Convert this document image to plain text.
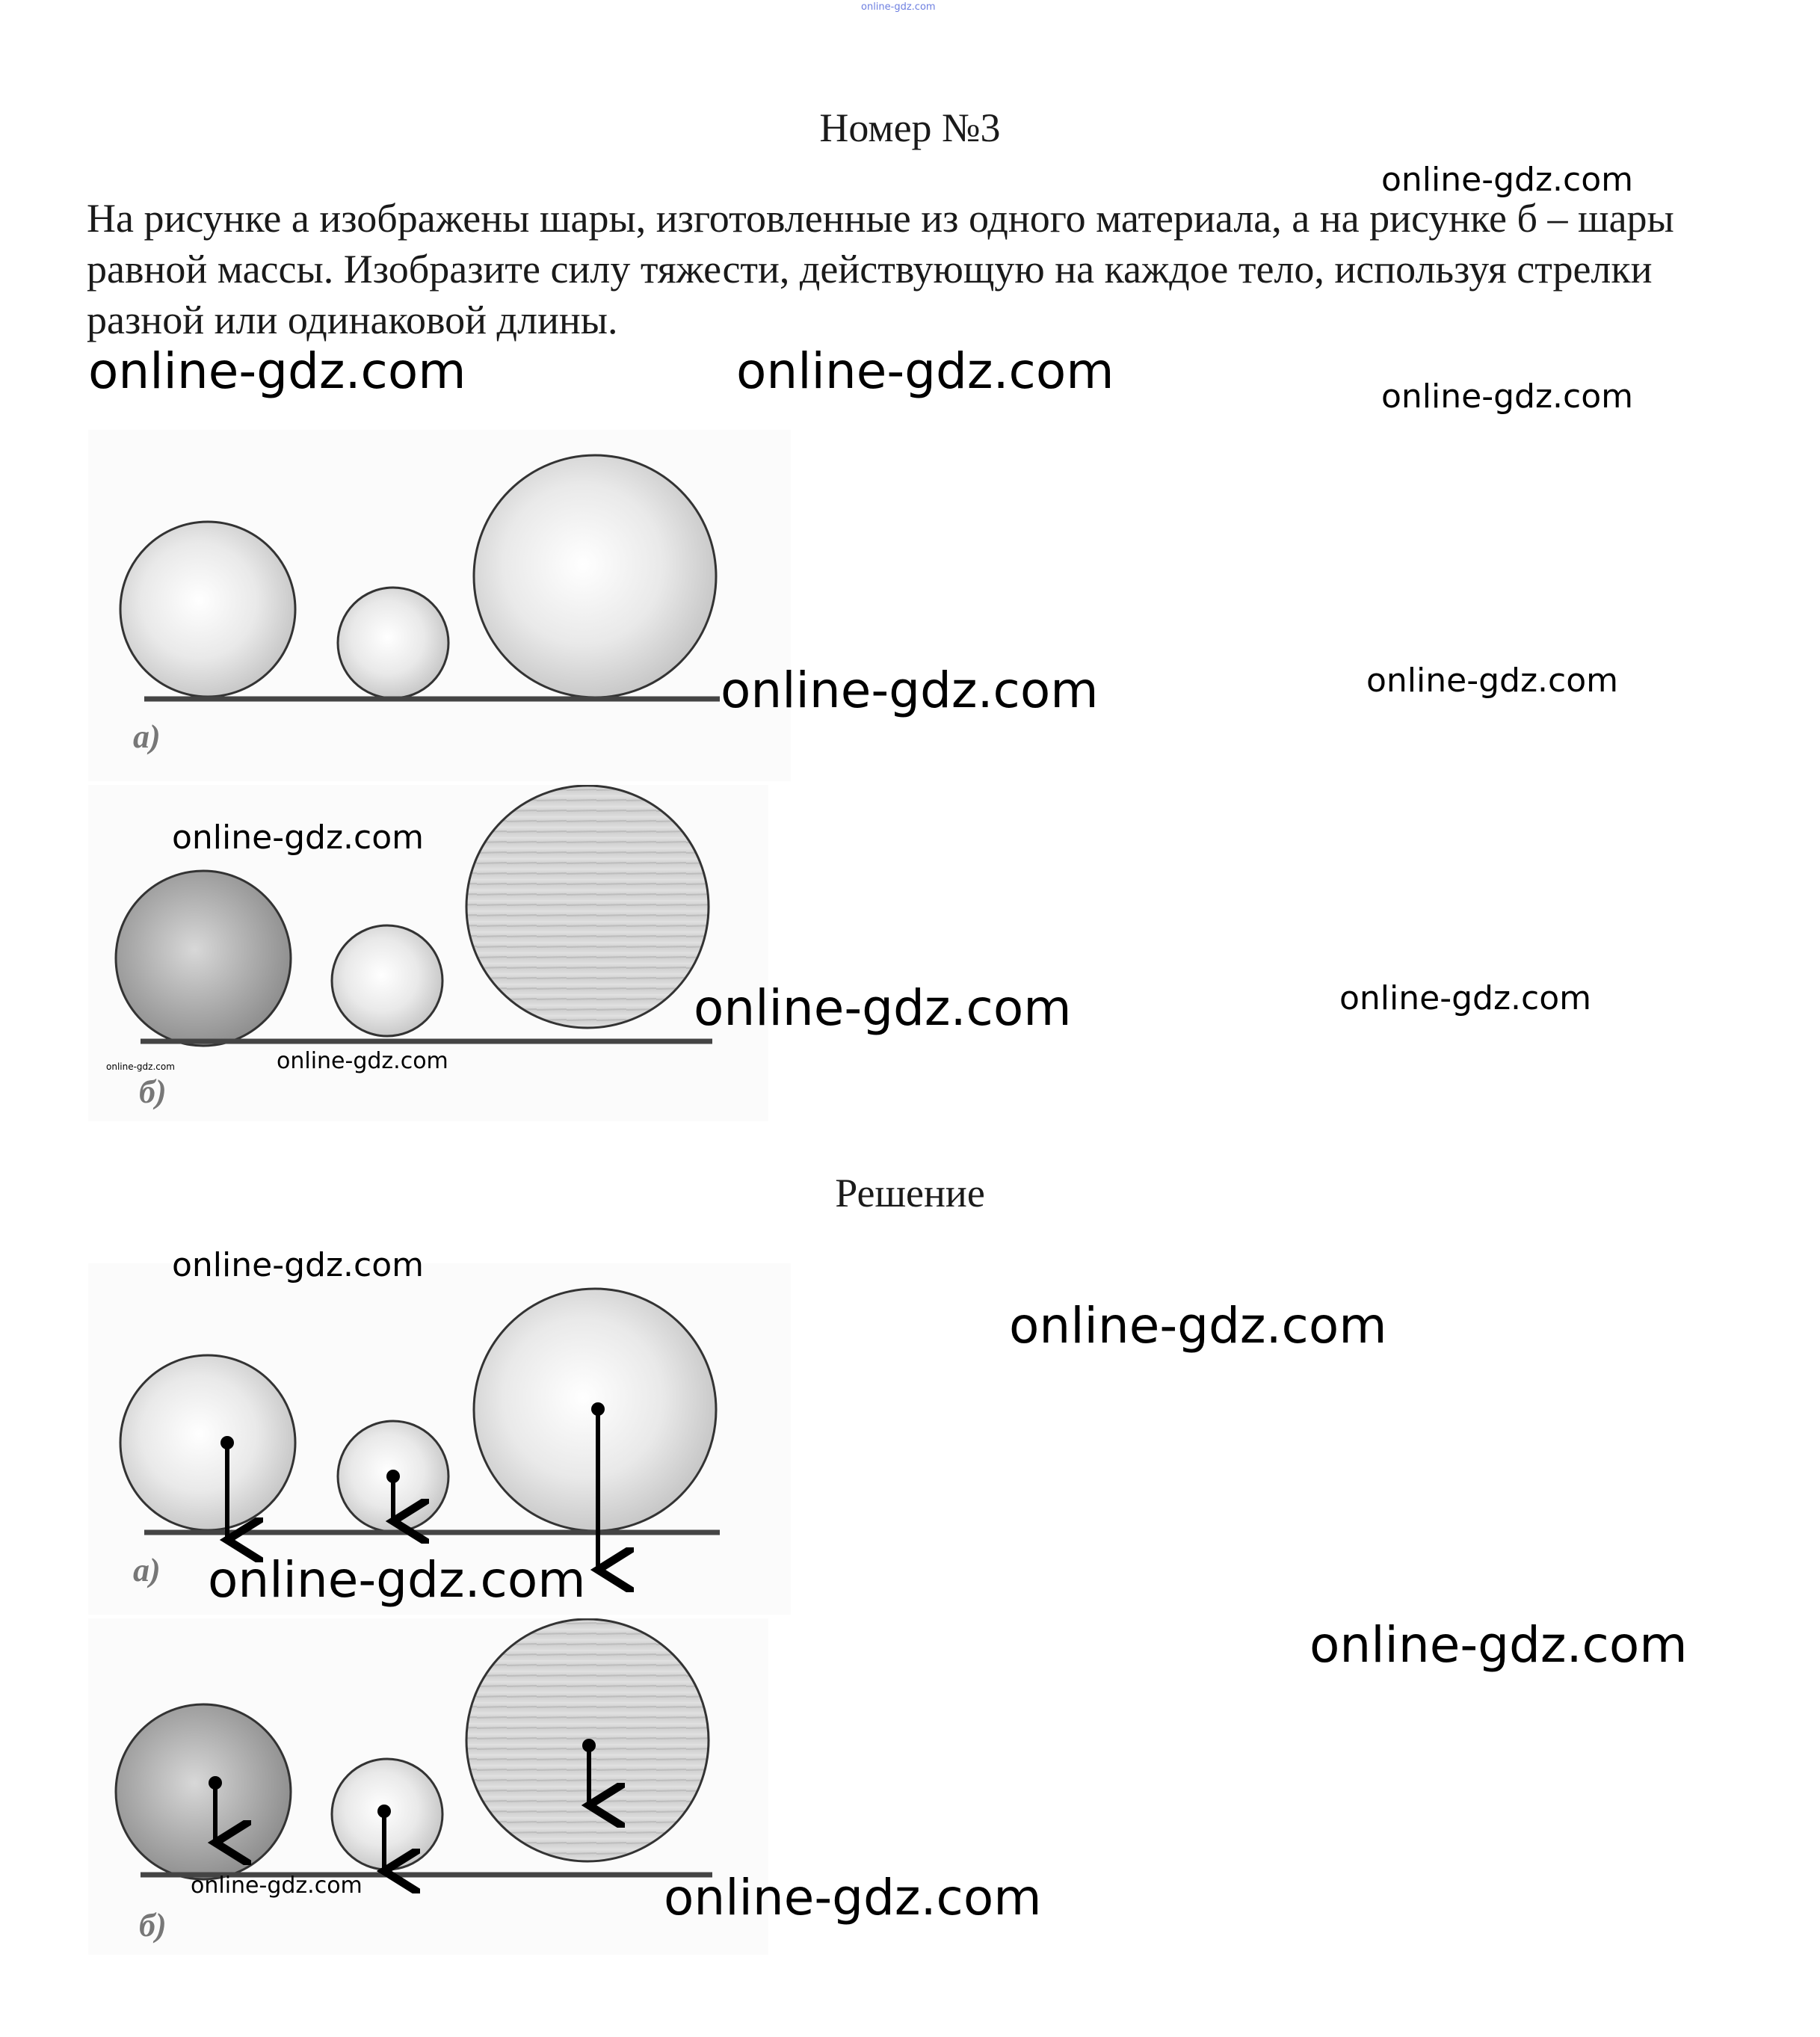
online-gdz.com
Номер №3

На рисунке а изображены шары, изготовленные из одного материала, а на рисунке б – шары равной массы. Изобразите силу тяжести, действующую на каждое тело, используя стрелки разной или одинаковой длины.

а)
б)
Решение
а)
б)
online-gdz.com
online-gdz.com	online-gdz.com	online-gdz.com
online-gdz.com	online-gdz.com
online-gdz.com
online-gdz.com	online-gdz.com
online-gdz.com
online-gdz.com
online-gdz.com
online-gdz.com
online-gdz.com
online-gdz.com
online-gdz.com	online-gdz.com
